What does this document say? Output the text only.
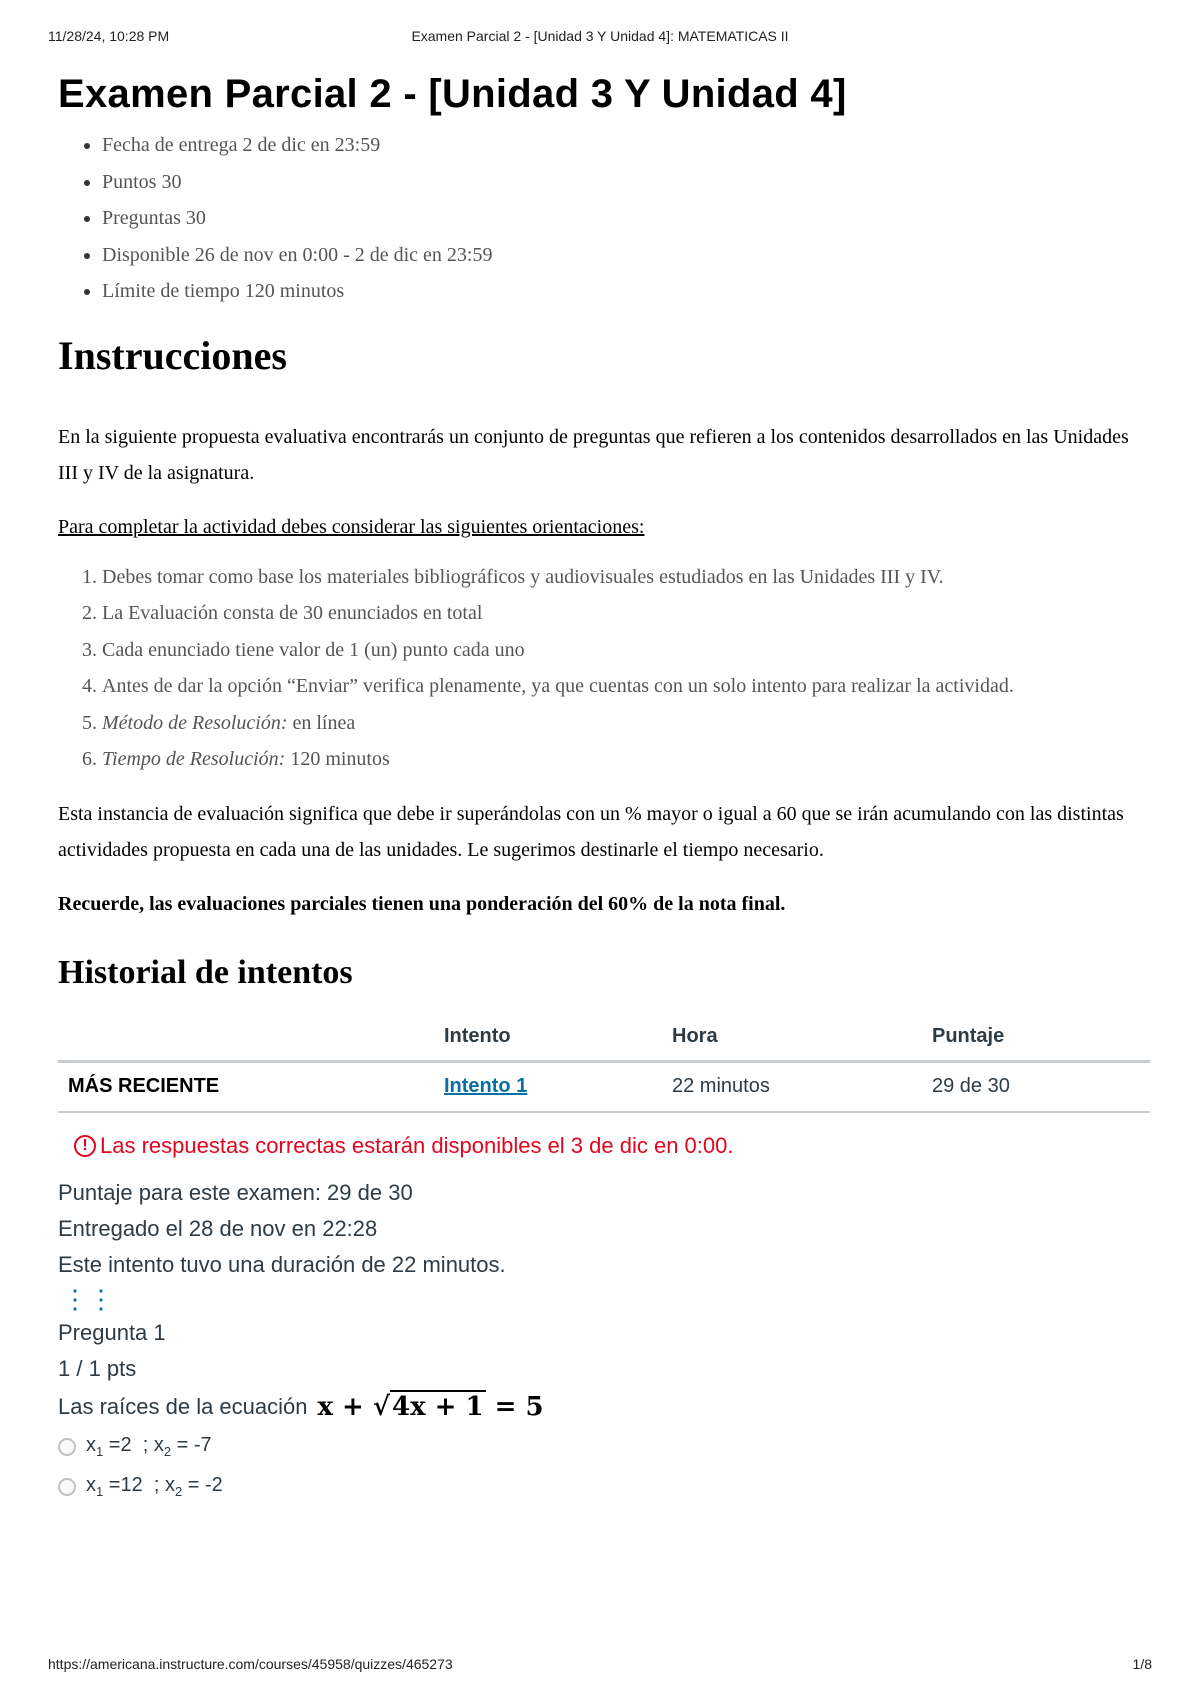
11/28/24, 10:28 PM	Examen Parcial 2 - [Unidad 3 Y Unidad 4]: MATEMATICAS II
Examen Parcial 2 - [Unidad 3 Y Unidad 4]
• Fecha de entrega 2 de dic en 23:59
• Puntos 30
• Preguntas 30
• Disponible 26 de nov en 0:00 - 2 de dic en 23:59
• Límite de tiempo 120 minutos
Instrucciones

En la siguiente propuesta evaluativa encontrarás un conjunto de preguntas que refieren a los contenidos desarrollados en las Unidades III y IV de la asignatura.

Para completar la actividad debes considerar las siguientes orientaciones:

1. Debes tomar como base los materiales bibliográficos y audiovisuales estudiados en las Unidades III y IV.
2. La Evaluación consta de 30 enunciados en total
3. Cada enunciado tiene valor de 1 (un) punto cada uno
4. Antes de dar la opción “Enviar” verifica plenamente, ya que cuentas con un solo intento para realizar la actividad.
5. Método de Resolución: en línea
6. Tiempo de Resolución: 120 minutos

Esta instancia de evaluación significa que debe ir superándolas con un % mayor o igual a 60 que se irán acumulando con las distintas actividades propuesta en cada una de las unidades. Le sugerimos destinarle el tiempo necesario.

Recuerde, las evaluaciones parciales tienen una ponderación del 60% de la nota final.

Historial de intentos
	Intento	Hora	Puntaje
MÁS RECIENTE	Intento 1	22 minutos	29 de 30
! Las respuestas correctas estarán disponibles el 3 de dic en 0:00.
Puntaje para este examen: 29 de 30
Entregado el 28 de nov en 22:28
Este intento tuvo una duración de 22 minutos.
⋮⋮
Pregunta 1
1 / 1 pts
Las raíces de la ecuación x + √4x + 1 = 5
$x_1 =2$ ; $x_2 = -7$
$x_1 =12$  ; $x_2 = -2$
https://americana.instructure.com/courses/45958/quizzes/465273	1/8
